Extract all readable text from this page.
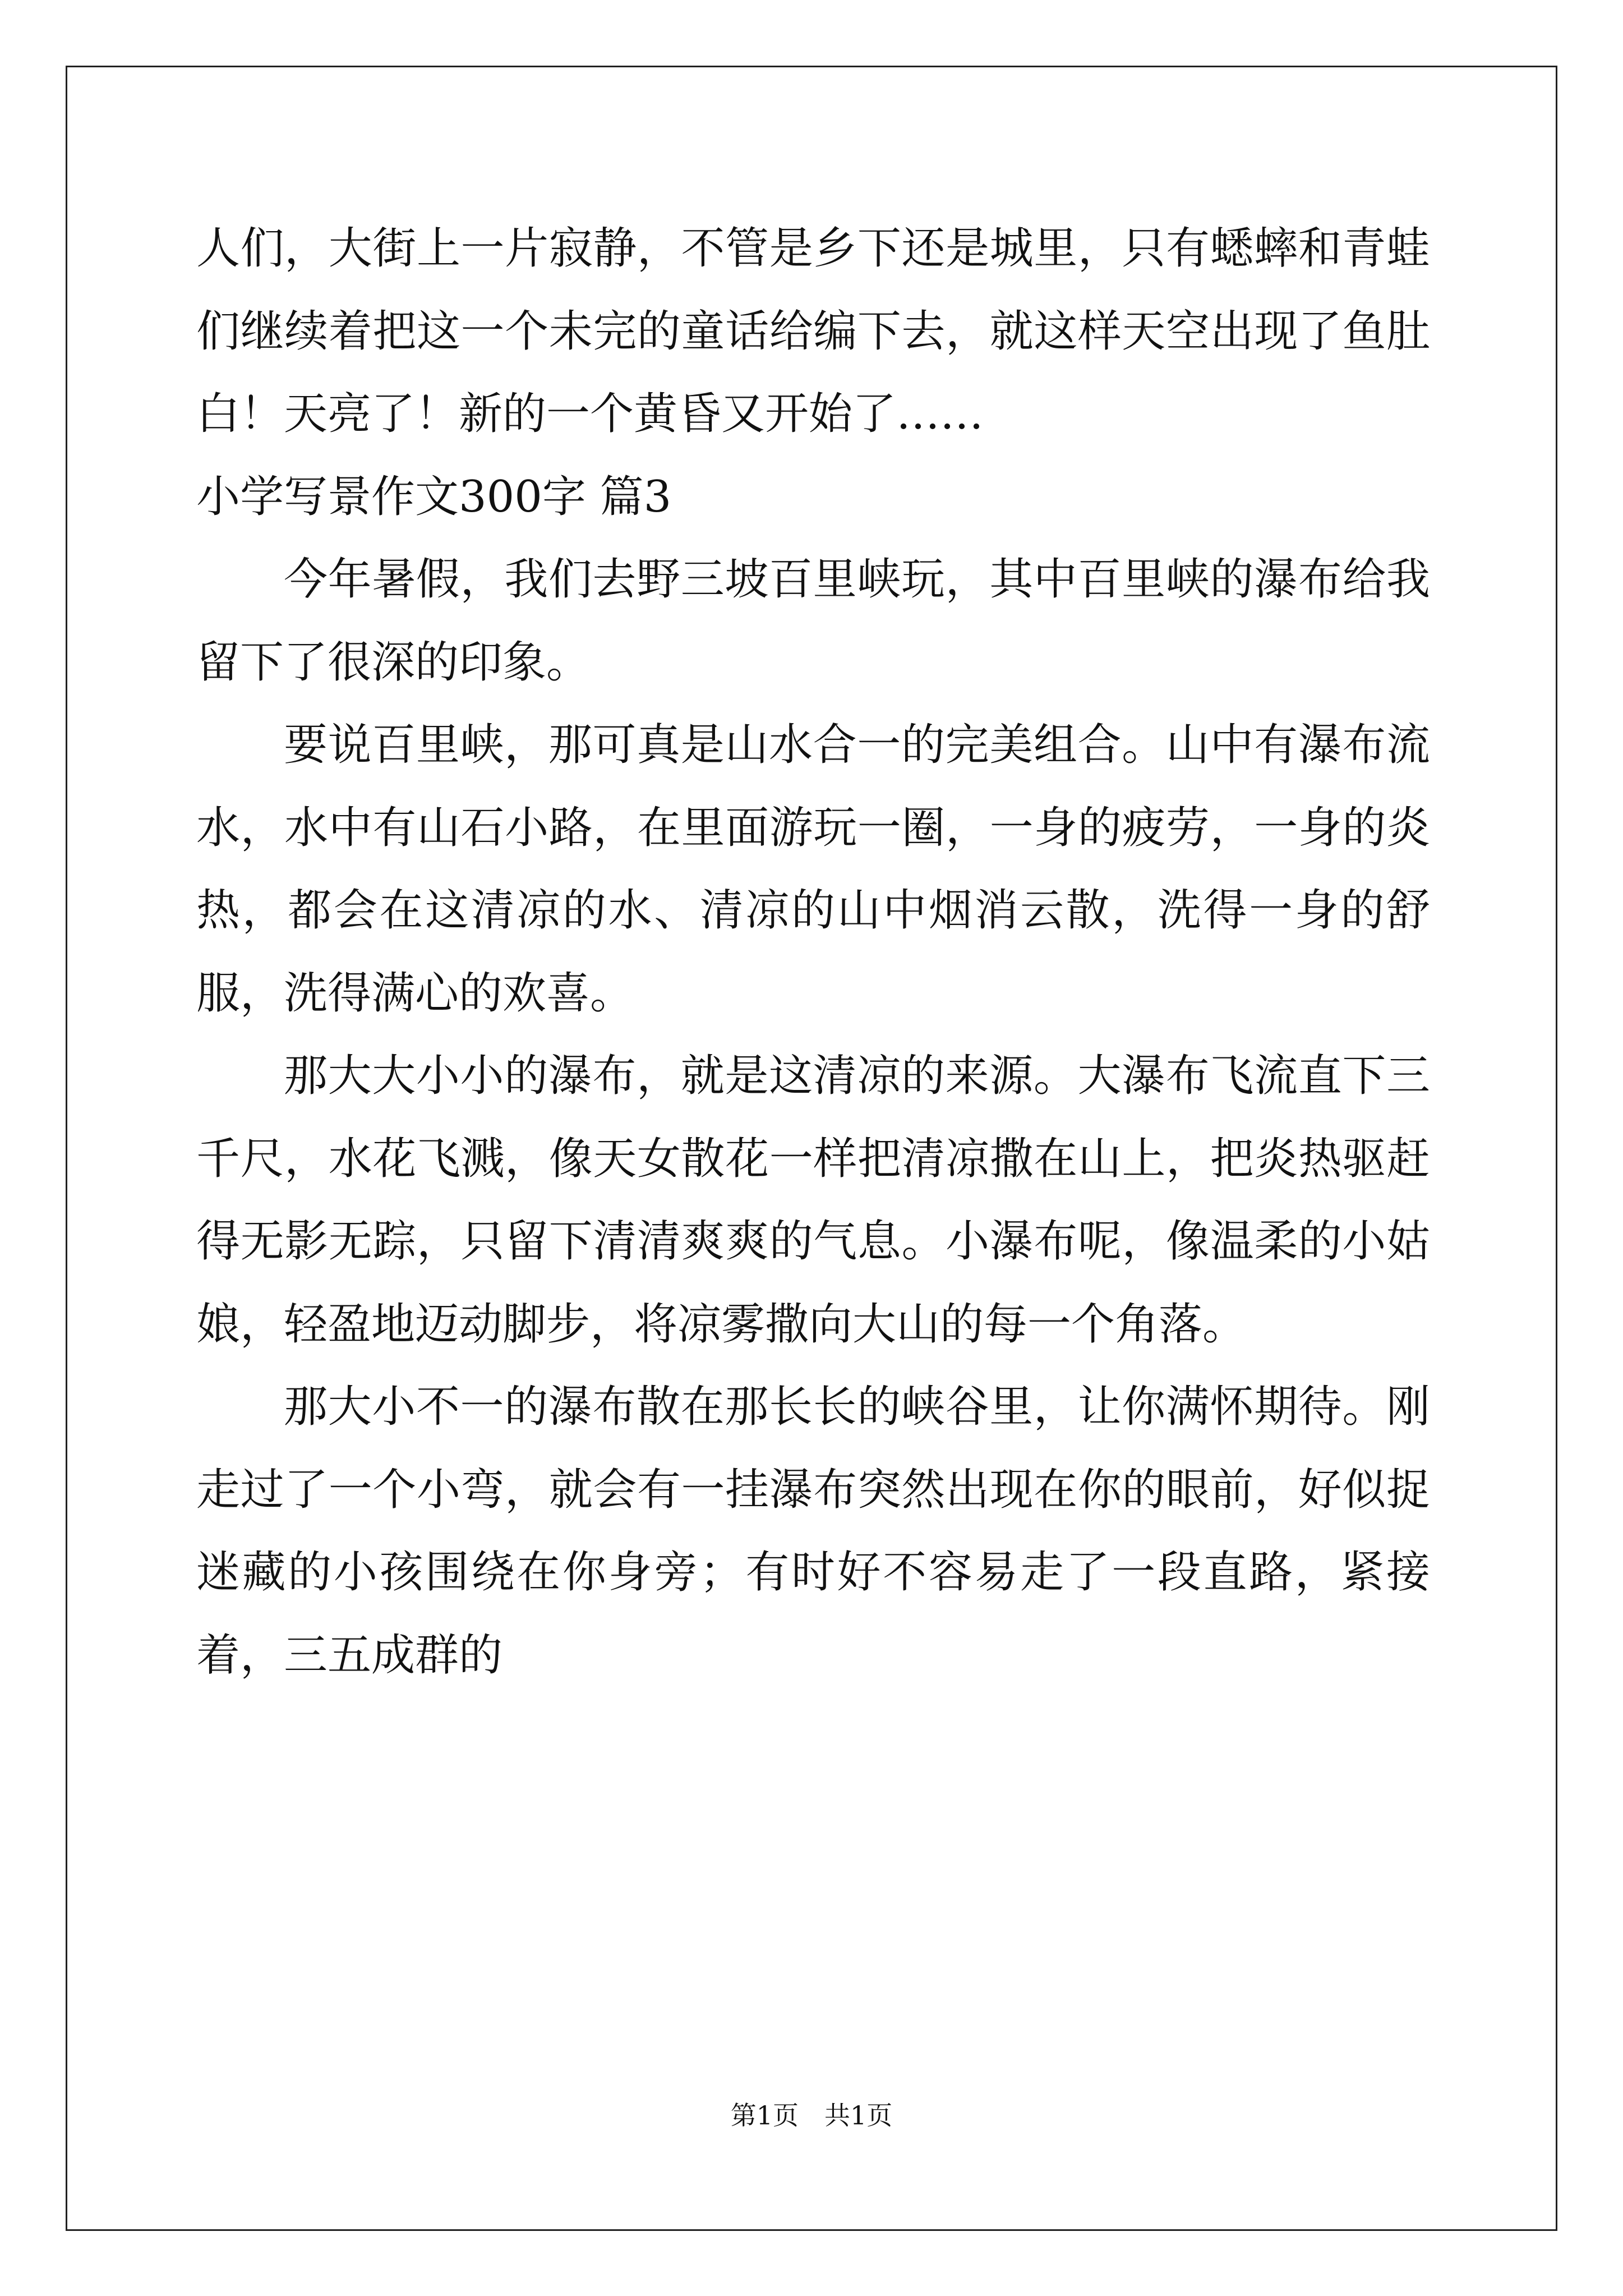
人们，大街上一片寂静，不管是乡下还是城里，只有蟋蟀和青蛙们继续着把这一个未完的童话给编下去，就这样天空出现了鱼肚白！天亮了！新的一个黄昏又开始了……

小学写景作文300字 篇3

今年暑假，我们去野三坡百里峡玩，其中百里峡的瀑布给我留下了很深的印象。

要说百里峡，那可真是山水合一的完美组合。山中有瀑布流水，水中有山石小路，在里面游玩一圈，一身的疲劳，一身的炎热，都会在这清凉的水、清凉的山中烟消云散，洗得一身的舒服，洗得满心的欢喜。

那大大小小的瀑布，就是这清凉的来源。大瀑布飞流直下三千尺，水花飞溅，像天女散花一样把清凉撒在山上，把炎热驱赶得无影无踪，只留下清清爽爽的气息。小瀑布呢，像温柔的小姑娘，轻盈地迈动脚步，将凉雾撒向大山的每一个角落。

那大小不一的瀑布散在那长长的峡谷里，让你满怀期待。刚走过了一个小弯，就会有一挂瀑布突然出现在你的眼前，好似捉迷藏的小孩围绕在你身旁；有时好不容易走了一段直路，紧接着，三五成群的

第1页　共1页
